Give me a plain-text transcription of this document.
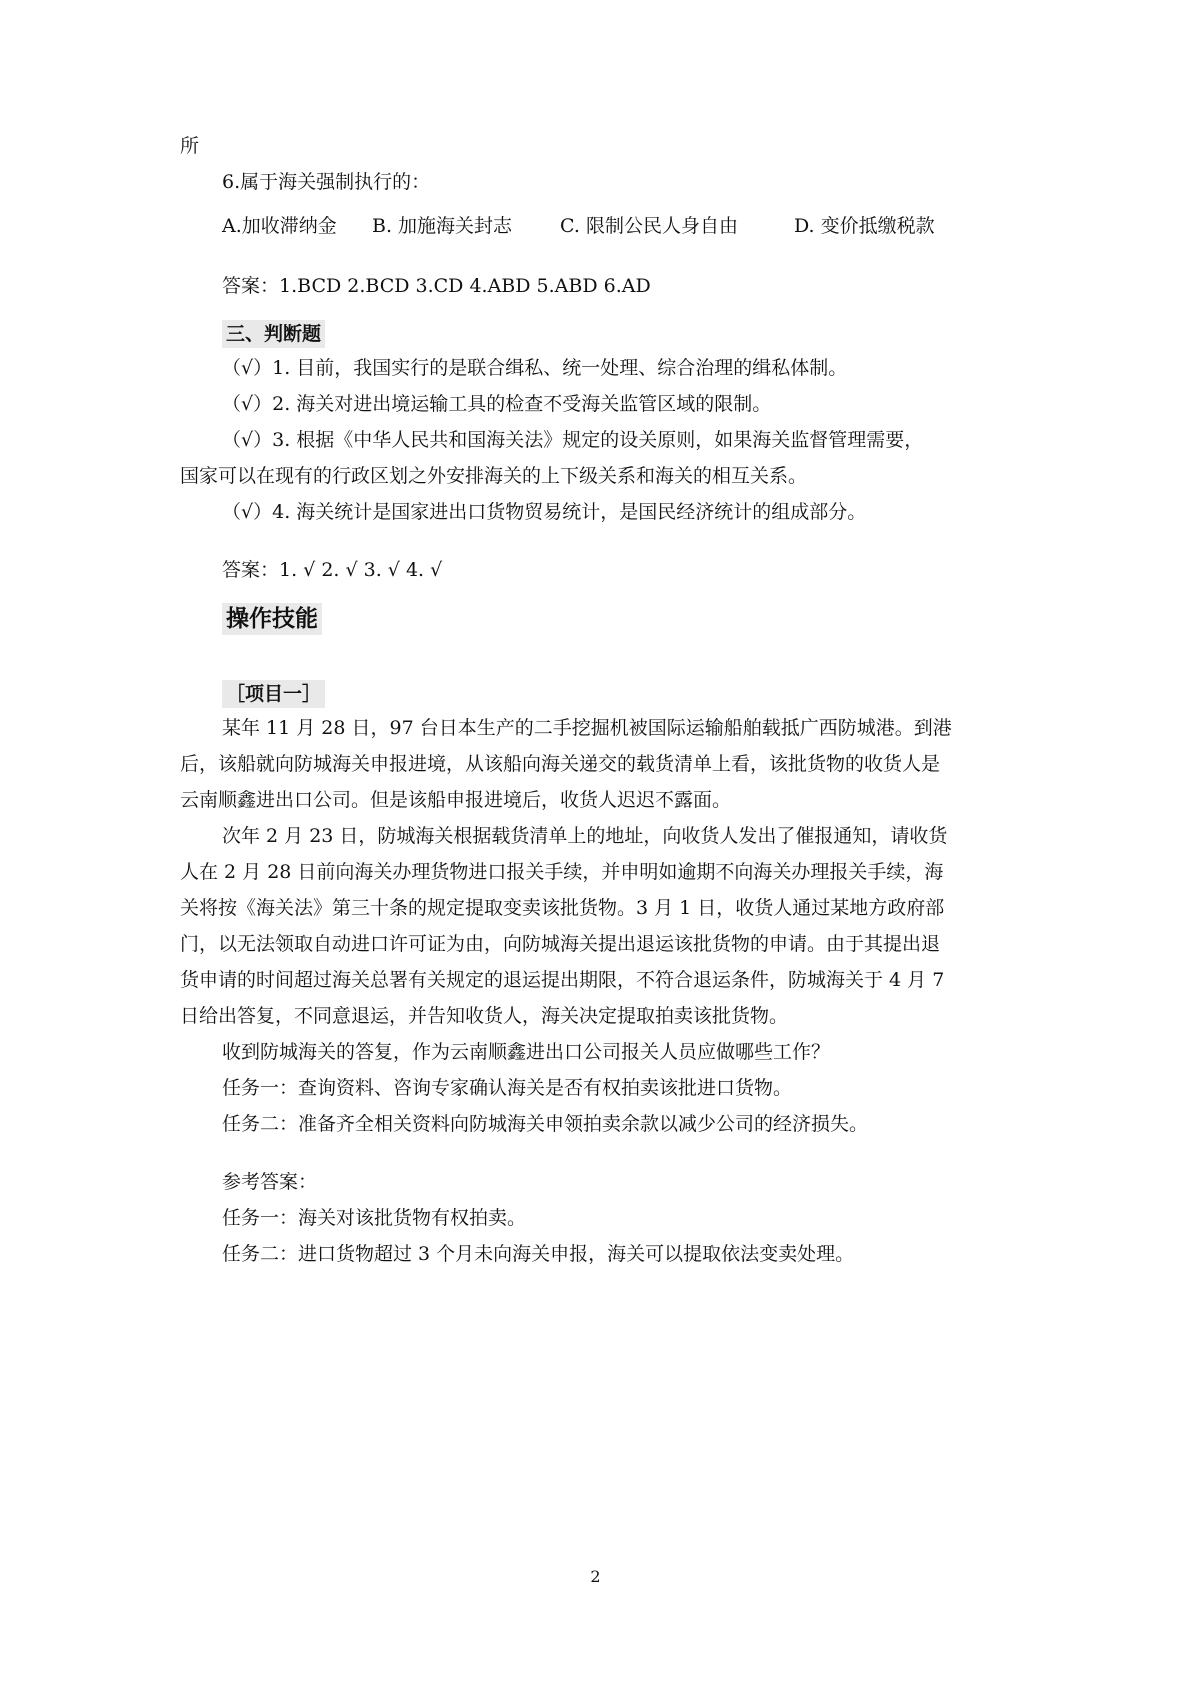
所
6.属于海关强制执行的：
A.加收滞纳金 B. 加施海关封志	C. 限制公民人身自由	D. 变价抵缴税款
答案：1.BCD 2.BCD 3.CD 4.ABD 5.ABD 6.AD
三、判断题
（√）1. 目前，我国实行的是联合缉私、统一处理、综合治理的缉私体制。
（√）2. 海关对进出境运输工具的检查不受海关监管区域的限制。
（√）3. 根据《中华人民共和国海关法》规定的设关原则，如果海关监督管理需要，
国家可以在现有的行政区划之外安排海关的上下级关系和海关的相互关系。
（√）4. 海关统计是国家进出口货物贸易统计，是国民经济统计的组成部分。
答案：1. √ 2. √ 3. √ 4. √
操作技能
［项目一］
某年 11 月 28 日，97 台日本生产的二手挖掘机被国际运输船舶载抵广西防城港。到港
后，该船就向防城海关申报进境，从该船向海关递交的载货清单上看，该批货物的收货人是
云南顺鑫进出口公司。但是该船申报进境后，收货人迟迟不露面。
次年 2 月 23 日，防城海关根据载货清单上的地址，向收货人发出了催报通知，请收货
人在 2 月 28 日前向海关办理货物进口报关手续，并申明如逾期不向海关办理报关手续，海
关将按《海关法》第三十条的规定提取变卖该批货物。3 月 1 日，收货人通过某地方政府部
门，以无法领取自动进口许可证为由，向防城海关提出退运该批货物的申请。由于其提出退
货申请的时间超过海关总署有关规定的退运提出期限，不符合退运条件，防城海关于 4 月 7
日给出答复，不同意退运，并告知收货人，海关决定提取拍卖该批货物。
收到防城海关的答复，作为云南顺鑫进出口公司报关人员应做哪些工作？
任务一：查询资料、咨询专家确认海关是否有权拍卖该批进口货物。
任务二：准备齐全相关资料向防城海关申领拍卖余款以减少公司的经济损失。
参考答案：
任务一：海关对该批货物有权拍卖。
任务二：进口货物超过 3 个月未向海关申报，海关可以提取依法变卖处理。
2
